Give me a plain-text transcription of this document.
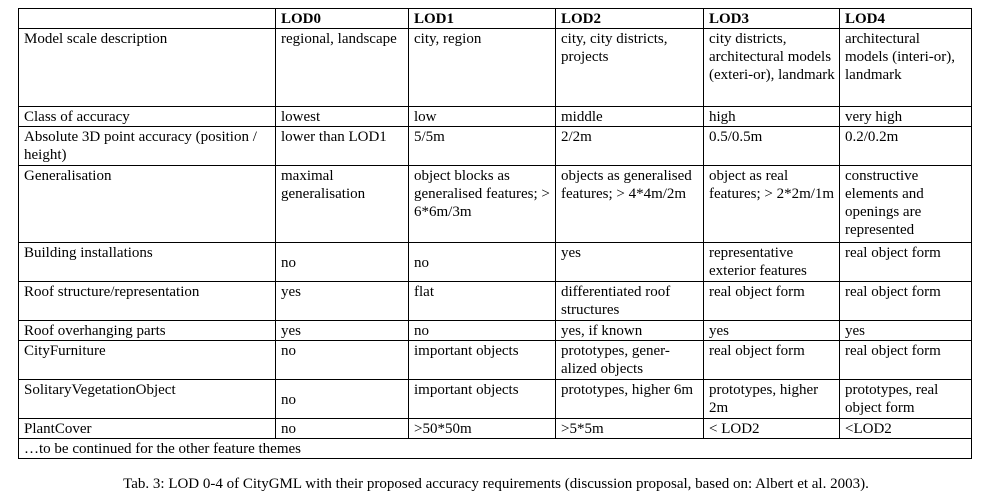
	LOD0	LOD1	LOD2	LOD3	LOD4
Model scale description	regional, landscape	city, region	city, city districts, projects	city districts, architectural models (exteri-or), landmark	architectural models (interi-or), landmark
Class of accuracy	lowest	low	middle	high	very high
Absolute 3D point accuracy (position / height)	lower than LOD1	5/5m	2/2m	0.5/0.5m	0.2/0.2m
Generalisation	maximal generalisation	object blocks as generalised features; > 6*6m/3m	objects as generalised features; > 4*4m/2m	object as real features; > 2*2m/1m	constructive elements and openings are represented
Building installations	no	no	yes	representative exterior features	real object form
Roof structure/representation	yes	flat	differentiated roof structures	real object form	real object form
Roof overhanging parts	yes	no	yes, if known	yes	yes
CityFurniture	no	important objects	prototypes, gener-alized objects	real object form	real object form
SolitaryVegetationObject	no	important objects	prototypes, higher 6m	prototypes, higher 2m	prototypes, real object form
PlantCover	no	>50*50m	>5*5m	< LOD2	<LOD2
…to be continued for the other feature themes					
Tab. 3: LOD 0-4 of CityGML with their proposed accuracy requirements (discussion proposal, based on: Albert et al. 2003).
